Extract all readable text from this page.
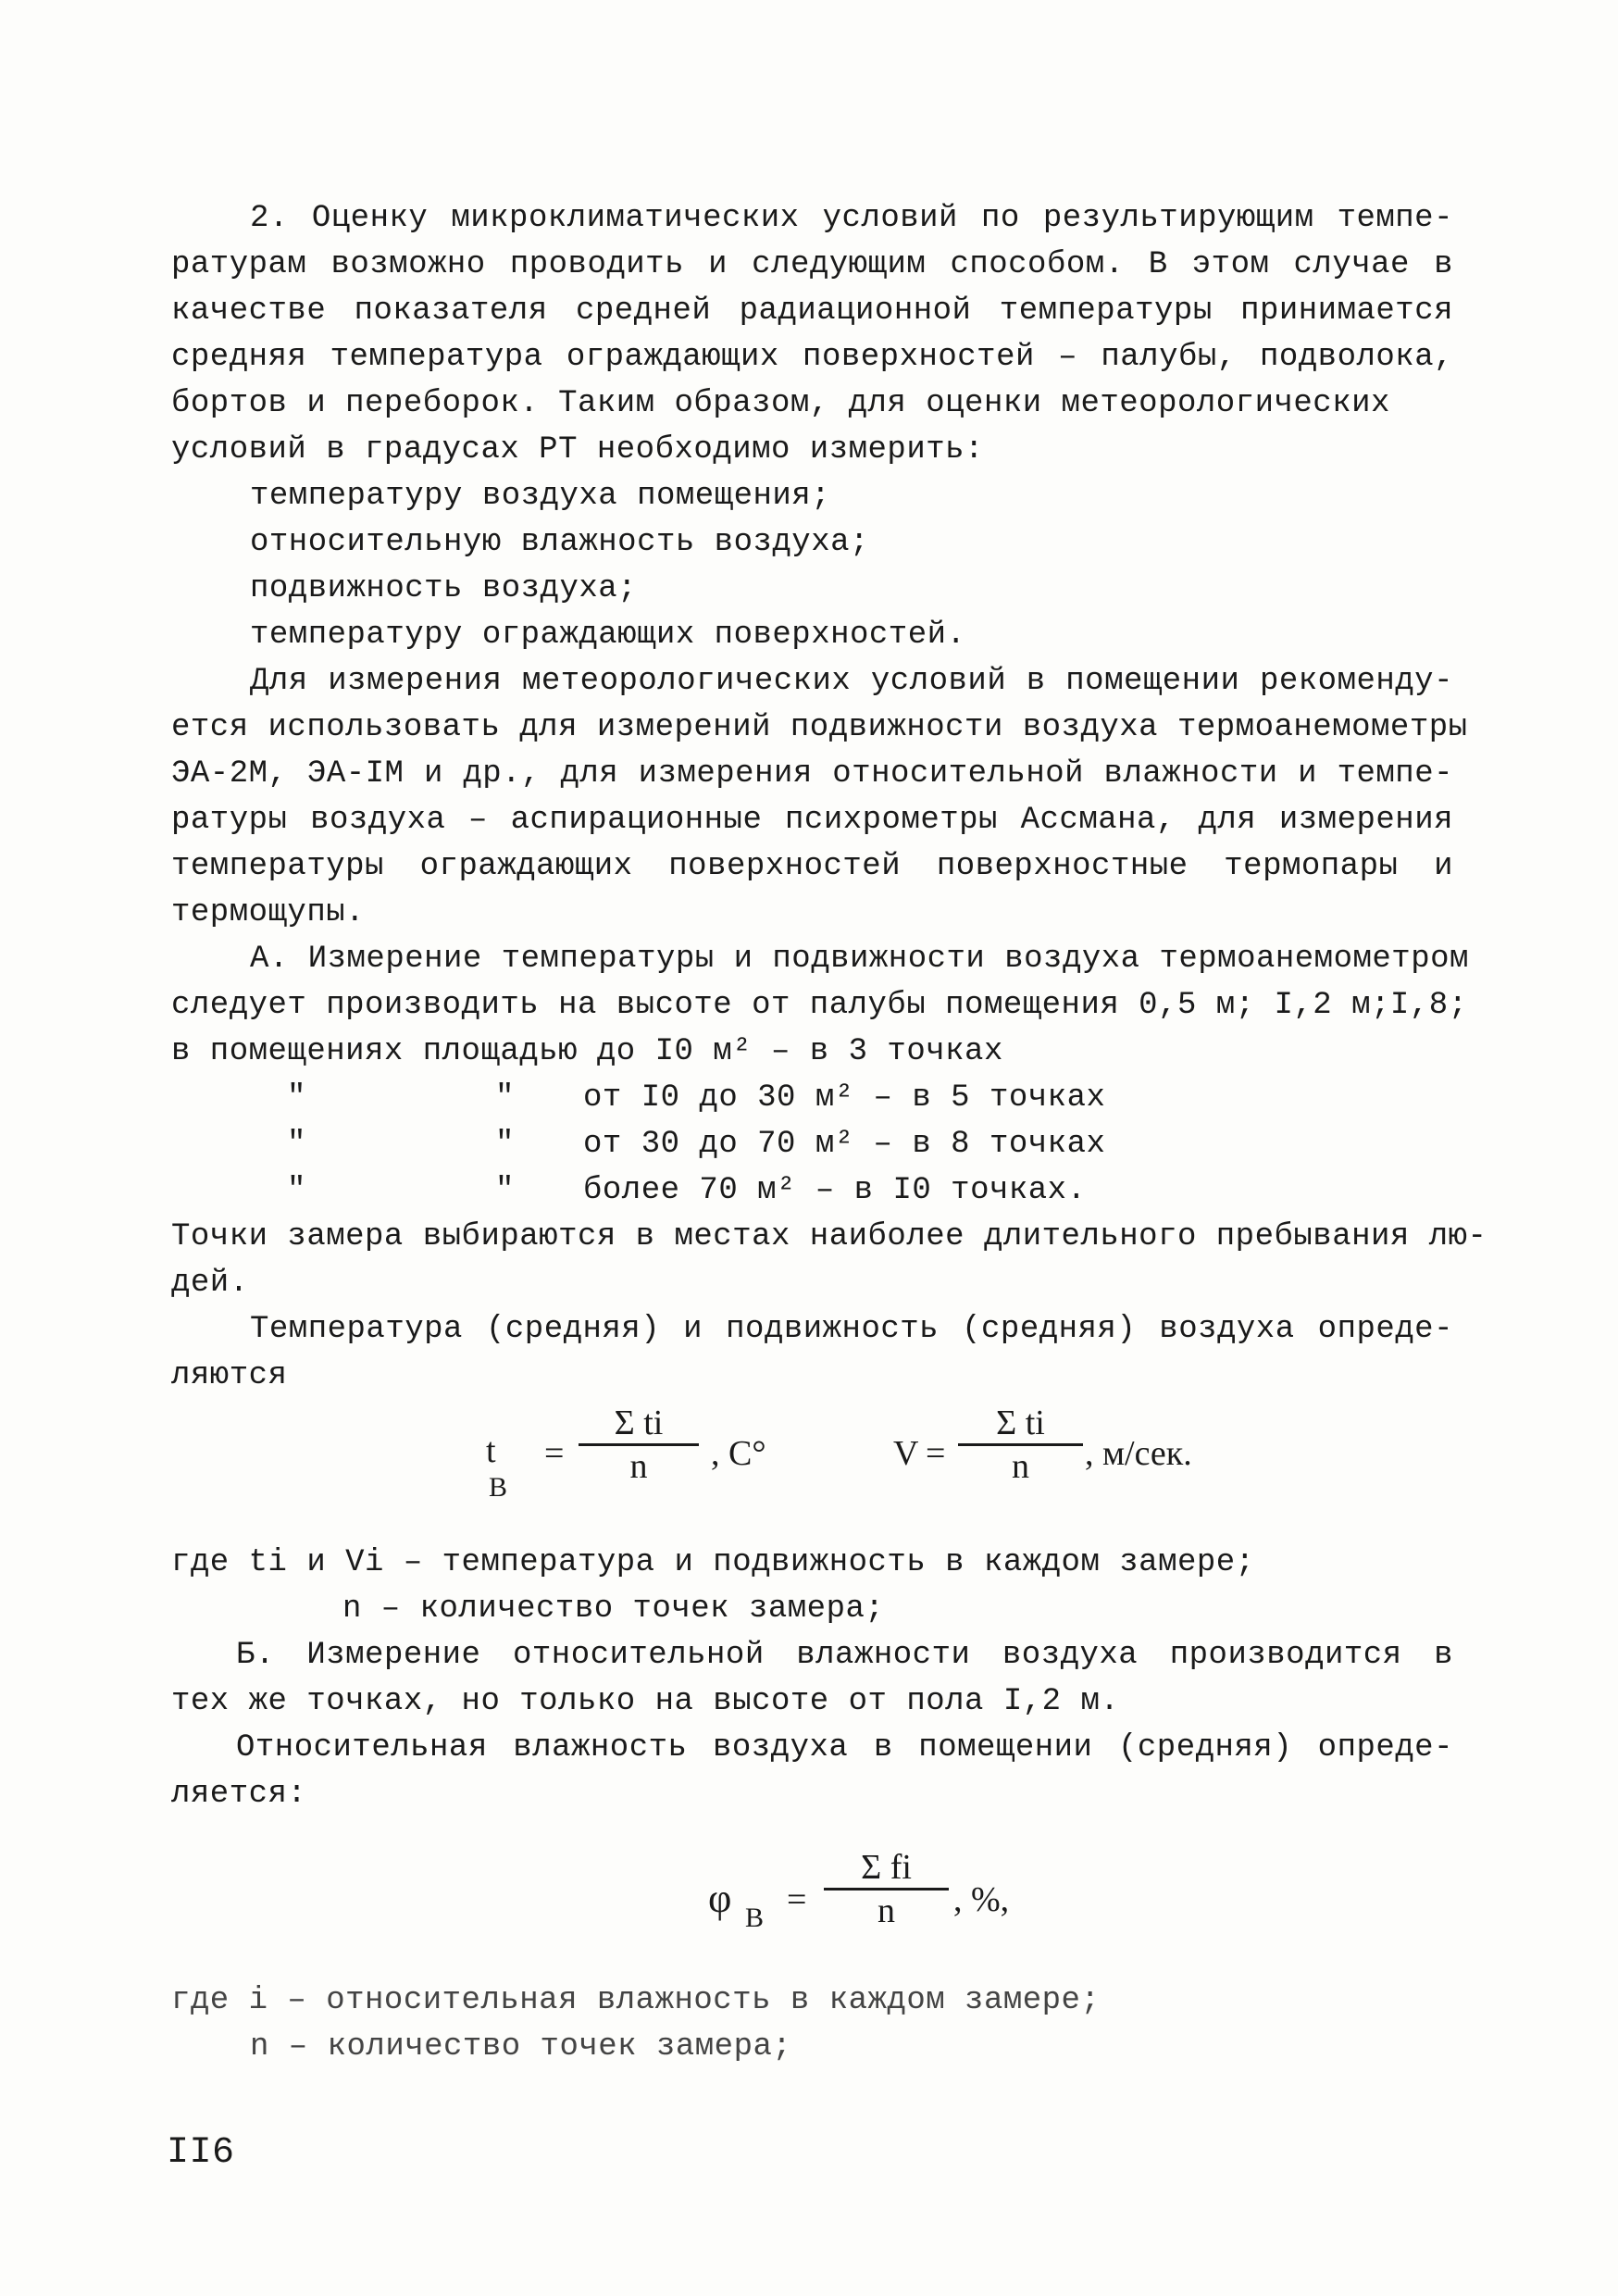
2. Оценку микроклиматических условий по результирующим темпе-
ратурам возможно проводить и следующим способом. В этом случае в
качестве показателя средней радиационной температуры принимается
средняя температура ограждающих поверхностей – палубы, подволока,
бортов и переборок. Таким образом, для оценки метеорологических
условий в градусах РТ необходимо измерить:
температуру воздуха помещения;
относительную влажность воздуха;
подвижность воздуха;
температуру ограждающих поверхностей.
Для измерения метеорологических условий в помещении рекоменду-
ется использовать для измерений подвижности воздуха термоанемометры
ЭА-2М, ЭА-IM и др., для измерения относительной влажности и темпе-
ратуры воздуха – аспирационные психрометры Ассмана, для измерения
температуры ограждающих поверхностей поверхностные термопары и
термощупы.
А. Измерение температуры и подвижности воздуха термоанемометром
следует производить на высоте от палубы помещения 0,5 м; I,2 м;I,8;
в помещениях площадью до I0 м² – в 3 точках
"	" от I0 до 30 м² – в 5 точках
"	" от 30 до 70 м² – в 8 точках
"	" более 70 м² – в I0 точках.
Точки замера выбираются в местах наиболее длительного пребывания лю-
дей.
Температура (средняя) и подвижность (средняя) воздуха опреде-
ляются
t
В
= $\frac{\text{Σ ti}}{n}$ , С°	$V = \frac{\text{Σ ti}}{n}$ , м/сек.
где ti и Vi – температура и подвижность в каждом замере;
n – количество точек замера;
Б. Измерение относительной влажности воздуха производится в
тех же точках, но только на высоте от пола I,2 м.
Относительная влажность воздуха в помещении (средняя) опреде-
ляется:
φ $В = \frac{\text{Σ fi}}{n}$ , %,
где i – относительная влажность в каждом замере;
n – количество точек замера;
II6
